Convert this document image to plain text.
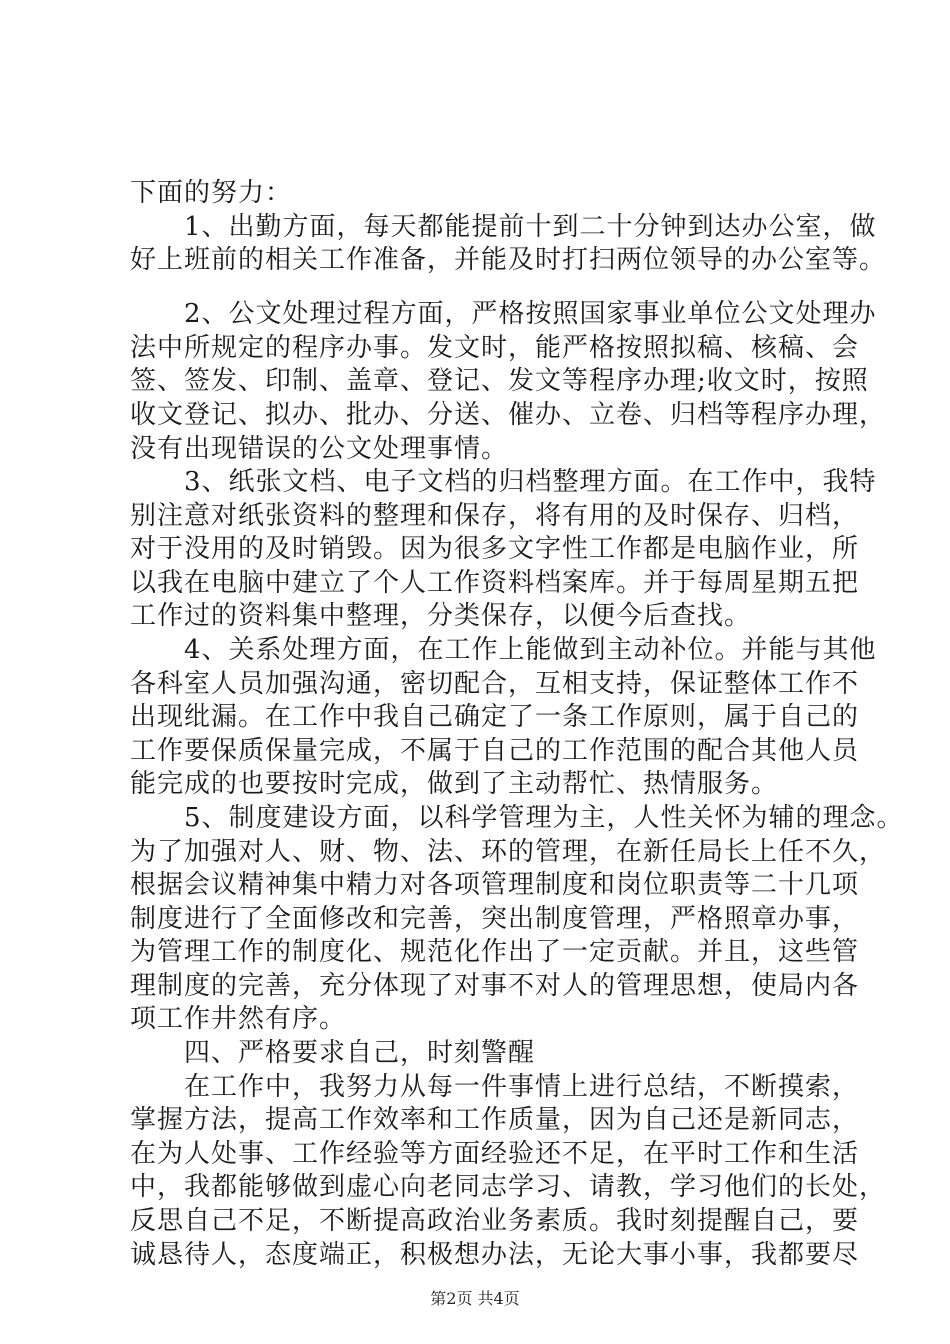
下面的努力：
　　1、出勤方面，每天都能提前十到二十分钟到达办公室，做
好上班前的相关工作准备，并能及时打扫两位领导的办公室等。
　　2、公文处理过程方面，严格按照国家事业单位公文处理办
法中所规定的程序办事。发文时，能严格按照拟稿、核稿、会
签、签发、印制、盖章、登记、发文等程序办理;收文时，按照
收文登记、拟办、批办、分送、催办、立卷、归档等程序办理，
没有出现错误的公文处理事情。
　　3、纸张文档、电子文档的归档整理方面。在工作中，我特
别注意对纸张资料的整理和保存，将有用的及时保存、归档，
对于没用的及时销毁。因为很多文字性工作都是电脑作业，所
以我在电脑中建立了个人工作资料档案库。并于每周星期五把
工作过的资料集中整理，分类保存，以便今后查找。
　　4、关系处理方面，在工作上能做到主动补位。并能与其他
各科室人员加强沟通，密切配合，互相支持，保证整体工作不
出现纰漏。在工作中我自己确定了一条工作原则，属于自己的
工作要保质保量完成，不属于自己的工作范围的配合其他人员
能完成的也要按时完成，做到了主动帮忙、热情服务。
　　5、制度建设方面，以科学管理为主，人性关怀为辅的理念。
为了加强对人、财、物、法、环的管理，在新任局长上任不久，
根据会议精神集中精力对各项管理制度和岗位职责等二十几项
制度进行了全面修改和完善，突出制度管理，严格照章办事，
为管理工作的制度化、规范化作出了一定贡献。并且，这些管
理制度的完善，充分体现了对事不对人的管理思想，使局内各
项工作井然有序。
　　四、严格要求自己，时刻警醒
　　在工作中，我努力从每一件事情上进行总结，不断摸索，
掌握方法，提高工作效率和工作质量，因为自己还是新同志，
在为人处事、工作经验等方面经验还不足，在平时工作和生活
中，我都能够做到虚心向老同志学习、请教，学习他们的长处，
反思自己不足，不断提高政治业务素质。我时刻提醒自己，要
诚恳待人，态度端正，积极想办法，无论大事小事，我都要尽
第2页 共4页
